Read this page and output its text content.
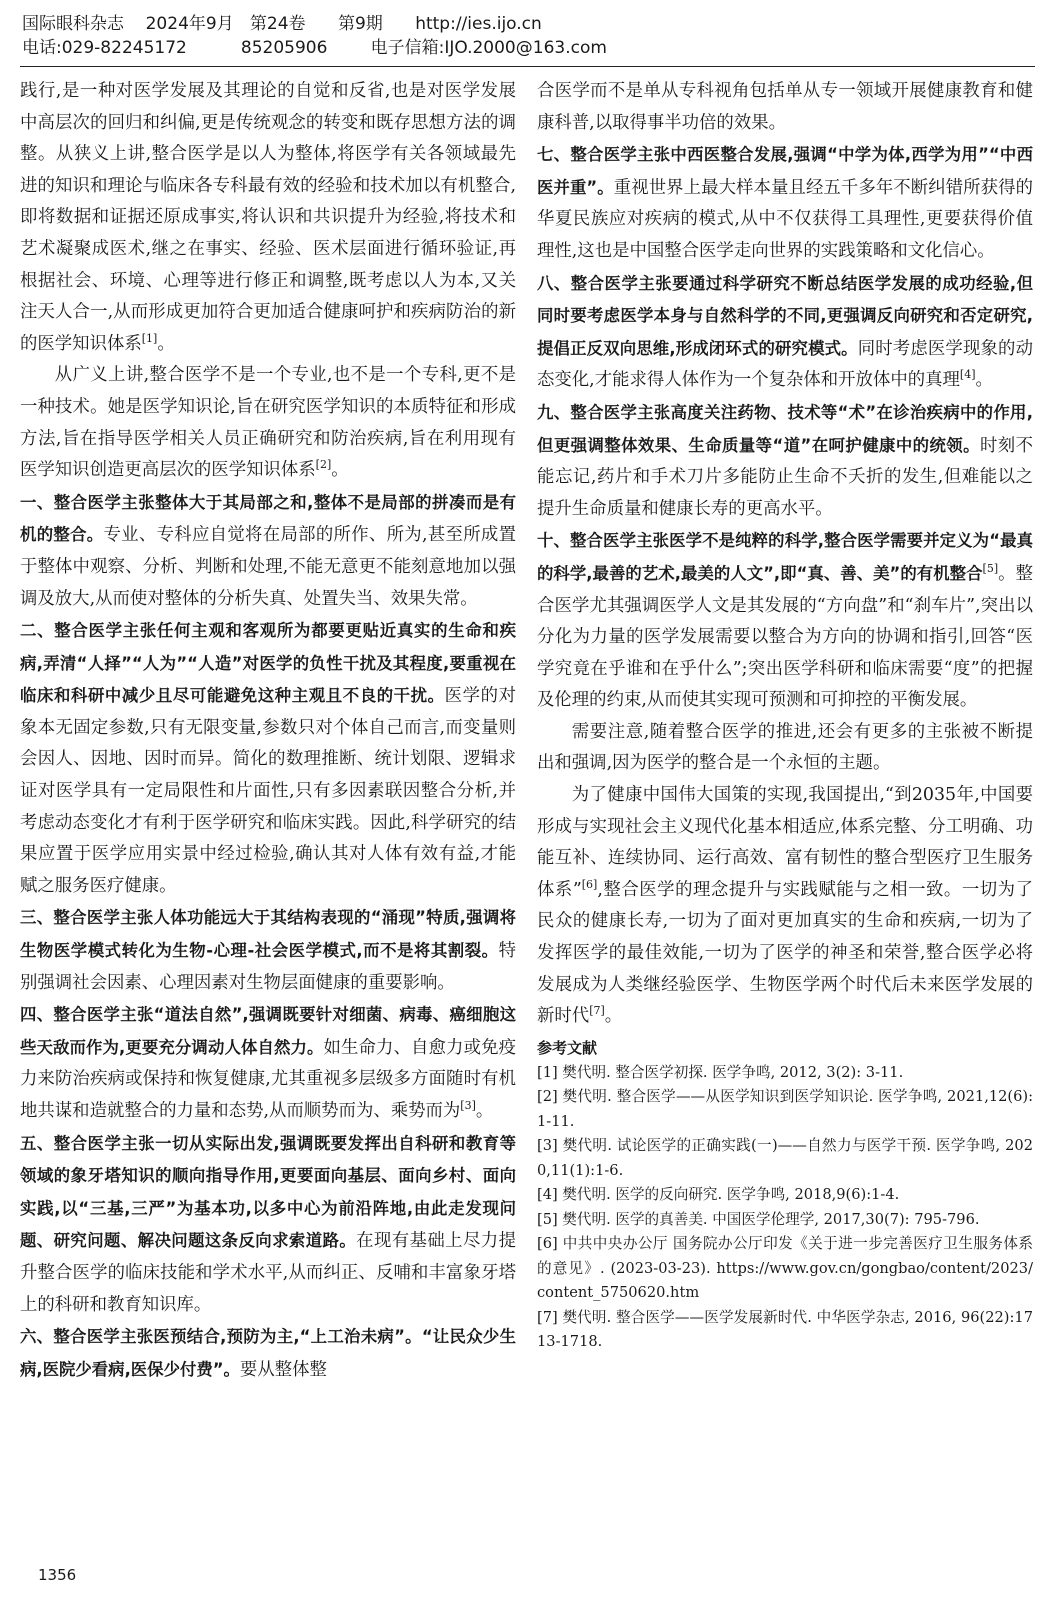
国际眼科杂志    2024年9月   第24卷      第9期      http://ies.ijo.cn
电话:029-82245172          85205906        电子信箱:IJO.2000@163.com

践行,是一种对医学发展及其理论的自觉和反省,也是对医学发展中高层次的回归和纠偏,更是传统观念的转变和既存思想方法的调整。从狭义上讲,整合医学是以人为整体,将医学有关各领域最先进的知识和理论与临床各专科最有效的经验和技术加以有机整合,即将数据和证据还原成事实,将认识和共识提升为经验,将技术和艺术凝聚成医术,继之在事实、经验、医术层面进行循环验证,再根据社会、环境、心理等进行修正和调整,既考虑以人为本,又关注天人合一,从而形成更加符合更加适合健康呵护和疾病防治的新的医学知识体系[1]。

从广义上讲,整合医学不是一个专业,也不是一个专科,更不是一种技术。她是医学知识论,旨在研究医学知识的本质特征和形成方法,旨在指导医学相关人员正确研究和防治疾病,旨在利用现有医学知识创造更高层次的医学知识体系[2]。

一、整合医学主张整体大于其局部之和,整体不是局部的拼凑而是有机的整合。专业、专科应自觉将在局部的所作、所为,甚至所成置于整体中观察、分析、判断和处理,不能无意更不能刻意地加以强调及放大,从而使对整体的分析失真、处置失当、效果失常。

二、整合医学主张任何主观和客观所为都要更贴近真实的生命和疾病,弄清“人择”“人为”“人造”对医学的负性干扰及其程度,要重视在临床和科研中减少且尽可能避免这种主观且不良的干扰。医学的对象本无固定参数,只有无限变量,参数只对个体自己而言,而变量则会因人、因地、因时而异。简化的数理推断、统计划限、逻辑求证对医学具有一定局限性和片面性,只有多因素联因整合分析,并考虑动态变化才有利于医学研究和临床实践。因此,科学研究的结果应置于医学应用实景中经过检验,确认其对人体有效有益,才能赋之服务医疗健康。

三、整合医学主张人体功能远大于其结构表现的“涌现”特质,强调将生物医学模式转化为生物-心理-社会医学模式,而不是将其割裂。特别强调社会因素、心理因素对生物层面健康的重要影响。

四、整合医学主张“道法自然”,强调既要针对细菌、病毒、癌细胞这些天敌而作为,更要充分调动人体自然力。如生命力、自愈力或免疫力来防治疾病或保持和恢复健康,尤其重视多层级多方面随时有机地共谋和造就整合的力量和态势,从而顺势而为、乘势而为[3]。

五、整合医学主张一切从实际出发,强调既要发挥出自科研和教育等领域的象牙塔知识的顺向指导作用,更要面向基层、面向乡村、面向实践,以“三基,三严”为基本功,以多中心为前沿阵地,由此走发现问题、研究问题、解决问题这条反向求索道路。在现有基础上尽力提升整合医学的临床技能和学术水平,从而纠正、反哺和丰富象牙塔上的科研和教育知识库。

六、整合医学主张医预结合,预防为主,“上工治未病”。“让民众少生病,医院少看病,医保少付费”。要从整体整

合医学而不是单从专科视角包括单从专一领域开展健康教育和健康科普,以取得事半功倍的效果。

七、整合医学主张中西医整合发展,强调“中学为体,西学为用”“中西医并重”。重视世界上最大样本量且经五千多年不断纠错所获得的华夏民族应对疾病的模式,从中不仅获得工具理性,更要获得价值理性,这也是中国整合医学走向世界的实践策略和文化信心。

八、整合医学主张要通过科学研究不断总结医学发展的成功经验,但同时要考虑医学本身与自然科学的不同,更强调反向研究和否定研究,提倡正反双向思维,形成闭环式的研究模式。同时考虑医学现象的动态变化,才能求得人体作为一个复杂体和开放体中的真理[4]。

九、整合医学主张高度关注药物、技术等“术”在诊治疾病中的作用,但更强调整体效果、生命质量等“道”在呵护健康中的统领。时刻不能忘记,药片和手术刀片多能防止生命不夭折的发生,但难能以之提升生命质量和健康长寿的更高水平。

十、整合医学主张医学不是纯粹的科学,整合医学需要并定义为“最真的科学,最善的艺术,最美的人文”,即“真、善、美”的有机整合[5]。整合医学尤其强调医学人文是其发展的“方向盘”和“刹车片”,突出以分化为力量的医学发展需要以整合为方向的协调和指引,回答“医学究竟在乎谁和在乎什么”;突出医学科研和临床需要“度”的把握及伦理的约束,从而使其实现可预测和可抑控的平衡发展。

需要注意,随着整合医学的推进,还会有更多的主张被不断提出和强调,因为医学的整合是一个永恒的主题。

为了健康中国伟大国策的实现,我国提出,“到2035年,中国要形成与实现社会主义现代化基本相适应,体系完整、分工明确、功能互补、连续协同、运行高效、富有韧性的整合型医疗卫生服务体系”[6],整合医学的理念提升与实践赋能与之相一致。一切为了民众的健康长寿,一切为了面对更加真实的生命和疾病,一切为了发挥医学的最佳效能,一切为了医学的神圣和荣誉,整合医学必将发展成为人类继经验医学、生物医学两个时代后未来医学发展的新时代[7]。

参考文献

[1] 樊代明. 整合医学初探. 医学争鸣, 2012, 3(2): 3-11.

[2] 樊代明. 整合医学——从医学知识到医学知识论. 医学争鸣, 2021,12(6):1-11.

[3] 樊代明. 试论医学的正确实践(一)——自然力与医学干预. 医学争鸣, 2020,11(1):1-6.

[4] 樊代明. 医学的反向研究. 医学争鸣, 2018,9(6):1-4.

[5] 樊代明. 医学的真善美. 中国医学伦理学, 2017,30(7): 795-796.

[6] 中共中央办公厅 国务院办公厅印发《关于进一步完善医疗卫生服务体系的意见》. (2023-03-23). https://www.gov.cn/gongbao/content/2023/content_5750620.htm

[7] 樊代明. 整合医学——医学发展新时代. 中华医学杂志, 2016, 96(22):1713-1718.

1356
